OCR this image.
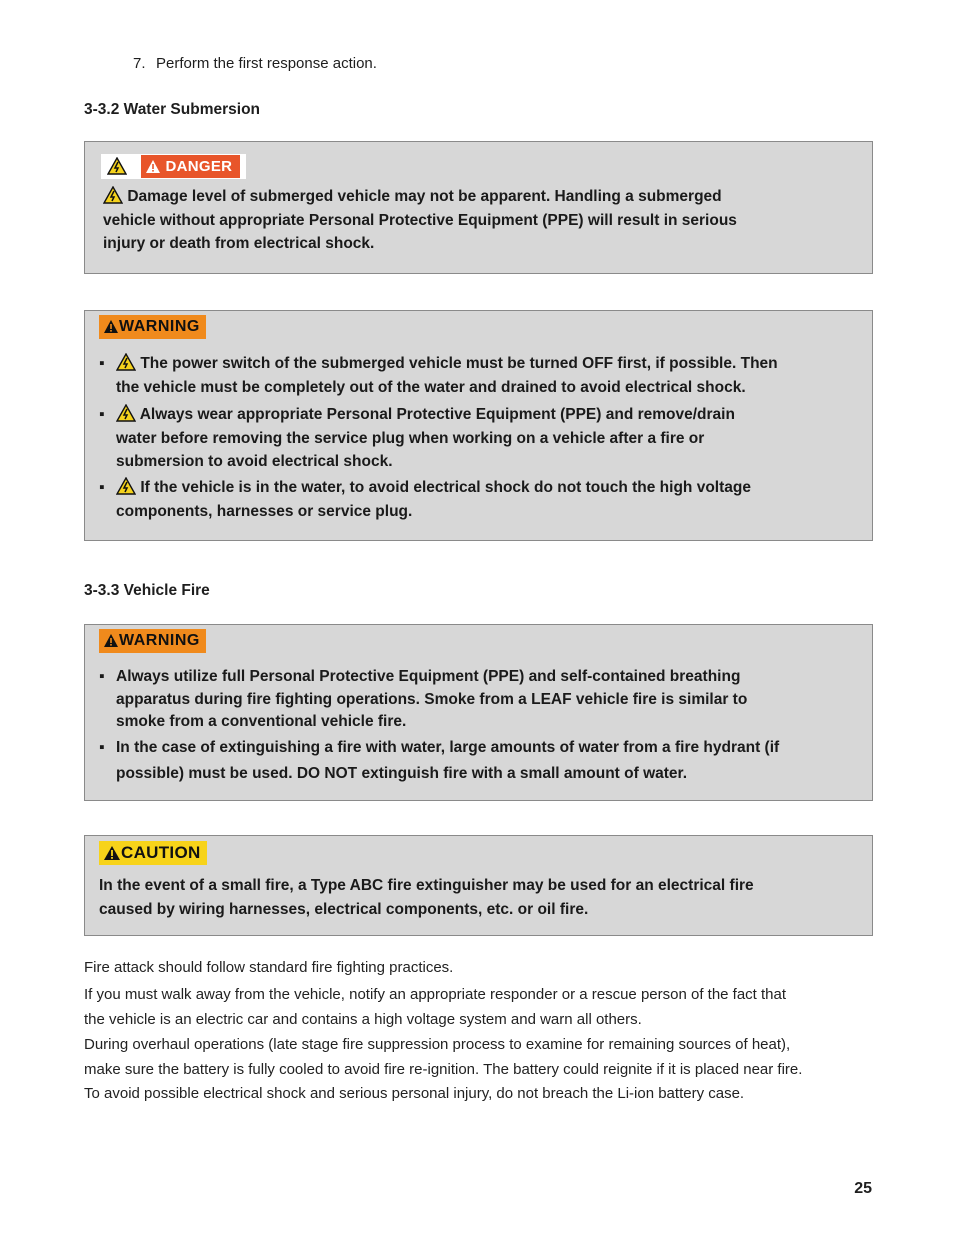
7. Perform the first response action.
3-3.2 Water Submersion
DANGER
Damage level of submerged vehicle may not be apparent. Handling a submerged
vehicle without appropriate Personal Protective Equipment (PPE) will result in serious
injury or death from electrical shock.
WARNING
▪	The power switch of the submerged vehicle must be turned OFF first, if possible. Then
the vehicle must be completely out of the water and drained to avoid electrical shock.
▪	Always wear appropriate Personal Protective Equipment (PPE) and remove/drain
water before removing the service plug when working on a vehicle after a fire or
submersion to avoid electrical shock.
▪	If the vehicle is in the water, to avoid electrical shock do not touch the high voltage
components, harnesses or service plug.
3-3.3 Vehicle Fire
WARNING
▪ Always utilize full Personal Protective Equipment (PPE) and self-contained breathing
apparatus during fire fighting operations. Smoke from a LEAF vehicle fire is similar to
smoke from a conventional vehicle fire.
▪ In the case of extinguishing a fire with water, large amounts of water from a fire hydrant (if
possible) must be used. DO NOT extinguish fire with a small amount of water.
CAUTION
In the event of a small fire, a Type ABC fire extinguisher may be used for an electrical fire
caused by wiring harnesses, electrical components, etc. or oil fire.
Fire attack should follow standard fire fighting practices.
If you must walk away from the vehicle, notify an appropriate responder or a rescue person of the fact that
the vehicle is an electric car and contains a high voltage system and warn all others.
During overhaul operations (late stage fire suppression process to examine for remaining sources of heat),
make sure the battery is fully cooled to avoid fire re-ignition. The battery could reignite if it is placed near fire.
To avoid possible electrical shock and serious personal injury, do not breach the Li-ion battery case.
25
